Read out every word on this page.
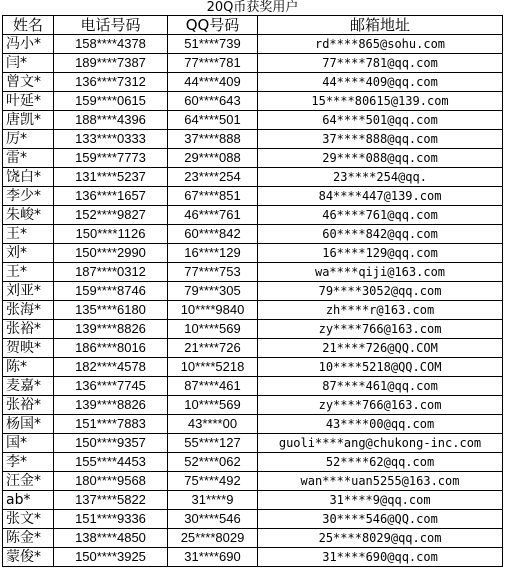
20Q币获奖用户			
姓名	电话号码	QQ号码	邮箱地址
冯小*	158****4378	51****739	rd****865@sohu.com
闫*	189****7387	77****781	77****781@qq.com
曾文*	136****7312	44****409	44****409@qq.com
叶延*	159****0615	60****643	15****80615@139.com
唐凯*	188****4396	64****501	64****501@qq.com
厉*	133****0333	37****888	37****888@qq.com
雷*	159****7773	29****088	29****088@qq.com
饶白*	131****5237	23****254	23****254@qq.
李少*	136****1657	67****851	84****447@139.com
朱峻*	152****9827	46****761	46****761@qq.com
王*	150****1126	60****842	60****842@qq.com
刘*	150****2990	16****129	16****129@qq.com
王*	187****0312	77****753	wa****qiji@163.com
刘亚*	159****8746	79****305	79****3052@qq.com
张海*	135****6180	10****9840	zh****r@163.com
张裕*	139****8826	10****569	zy****766@163.com
贺映*	186****8016	21****726	21****726@QQ.COM
陈*	182****4578	10****5218	10****5218@QQ.COM
麦嘉*	136****7745	87****461	87****461@qq.com
张裕*	139****8826	10****569	zy****766@163.com
杨国*	151****7883	43****00	43****00@qq.com
国*	150****9357	55****127	guoli****ang@chukong-inc.com
李*	155****4453	52****062	52****62@qq.com
汪金*	180****9568	75****492	wan****uan5255@163.com
ab*	137****5822	31****9	31****9@qq.com
张文*	151****9336	30****546	30****546@QQ.com
陈金*	138****4850	25****8029	25****8029@qq.com
蒙俊*	150****3925	31****690	31****690@qq.com
